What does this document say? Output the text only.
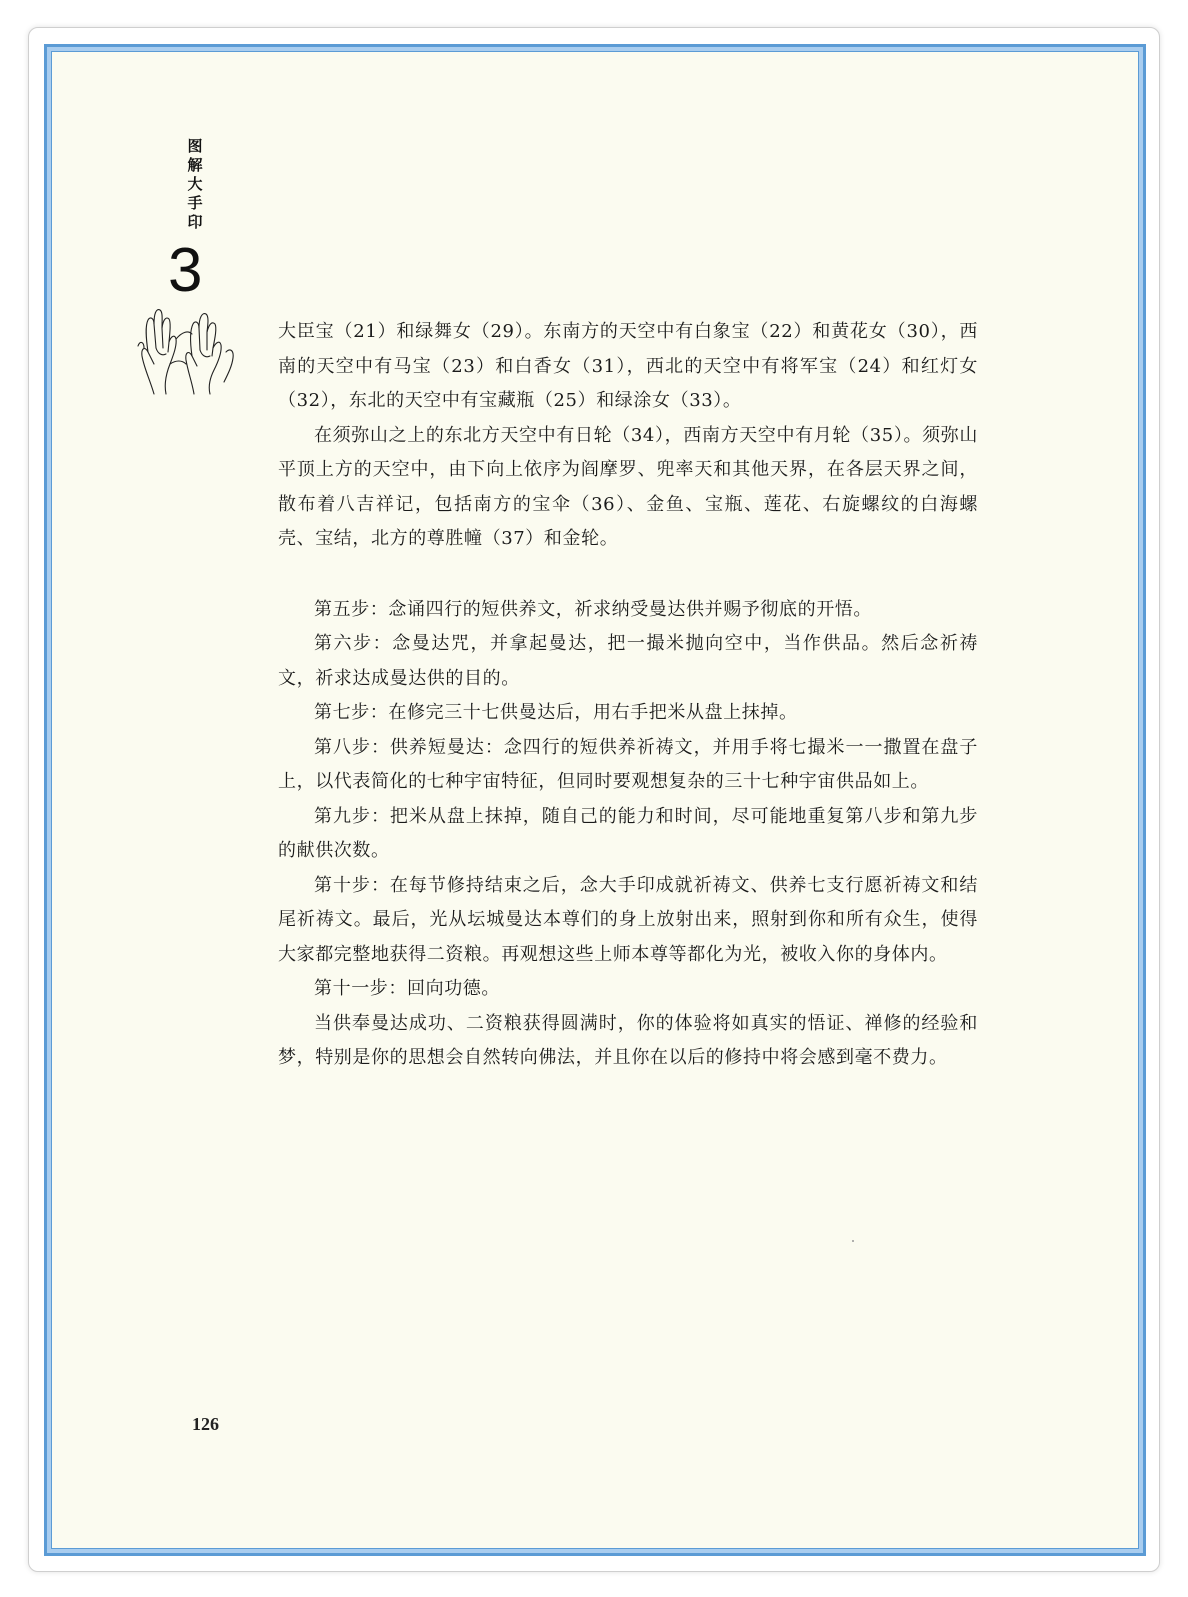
图
解
大
手
印
3

大臣宝（21）和绿舞女（29）。东南方的天空中有白象宝（22）和黄花女（30），西南的天空中有马宝（23）和白香女（31），西北的天空中有将军宝（24）和红灯女（32），东北的天空中有宝藏瓶（25）和绿涂女（33）。

在须弥山之上的东北方天空中有日轮（34），西南方天空中有月轮（35）。须弥山平顶上方的天空中，由下向上依序为阎摩罗、兜率天和其他天界，在各层天界之间，散布着八吉祥记，包括南方的宝伞（36）、金鱼、宝瓶、莲花、右旋螺纹的白海螺壳、宝结，北方的尊胜幢（37）和金轮。

第五步：念诵四行的短供养文，祈求纳受曼达供并赐予彻底的开悟。

第六步：念曼达咒，并拿起曼达，把一撮米抛向空中，当作供品。然后念祈祷文，祈求达成曼达供的目的。

第七步：在修完三十七供曼达后，用右手把米从盘上抹掉。

第八步：供养短曼达：念四行的短供养祈祷文，并用手将七撮米一一撒置在盘子上，以代表简化的七种宇宙特征，但同时要观想复杂的三十七种宇宙供品如上。

第九步：把米从盘上抹掉，随自己的能力和时间，尽可能地重复第八步和第九步的献供次数。

第十步：在每节修持结束之后，念大手印成就祈祷文、供养七支行愿祈祷文和结尾祈祷文。最后，光从坛城曼达本尊们的身上放射出来，照射到你和所有众生，使得大家都完整地获得二资粮。再观想这些上师本尊等都化为光，被收入你的身体内。

第十一步：回向功德。

当供奉曼达成功、二资粮获得圆满时，你的体验将如真实的悟证、禅修的经验和梦，特别是你的思想会自然转向佛法，并且你在以后的修持中将会感到毫不费力。

126
